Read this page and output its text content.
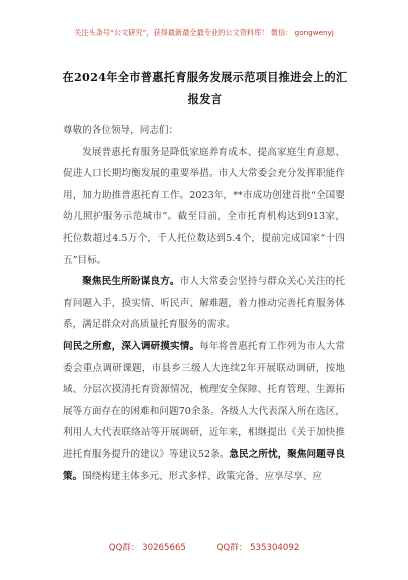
关注头条号“公文研究”，获得最新最全最专业的公文资料库！ 微信： gongwenyj
在2024年全市普惠托育服务发展示范项目推进会上的汇报发言

尊敬的各位领导，同志们：

发展普惠托育服务是降低家庭养育成本、提高家庭生育意愿、促进人口长期均衡发展的重要举措。市人大常委会充分发挥职能作用，加力助推普惠托育工作。2023年，**市成功创建首批“全国婴幼儿照护服务示范城市”。截至目前，全市托育机构达到913家，托位数超过4.5万个，千人托位数达到5.4个，提前完成国家“十四五”目标。

聚焦民生所盼谋良方。市人大常委会坚持与群众关心关注的托育问题入手，摸实情、听民声、解难题，着力推动完善托育服务体系，满足群众对高质量托育服务的需求。

问民之所愈，深入调研摸实情。每年将普惠托育工作列为市人大常委会重点调研课题，市县乡三级人大连续2年开展联动调研，按地域、分层次摸清托育资源情况，梳理安全保障、托育管理、生源拓展等方面存在的困难和问题70余条。各级人大代表深入所在选区，利用人大代表联络站等开展调研，近年来，相继提出《关于加快推进托育服务提升的建议》等建议52条。急民之所忧，聚焦问题寻良策。围绕构建主体多元、形式多样、政策完备、应享尽享、应

QQ群： 30265665	QQ群： 535304092
